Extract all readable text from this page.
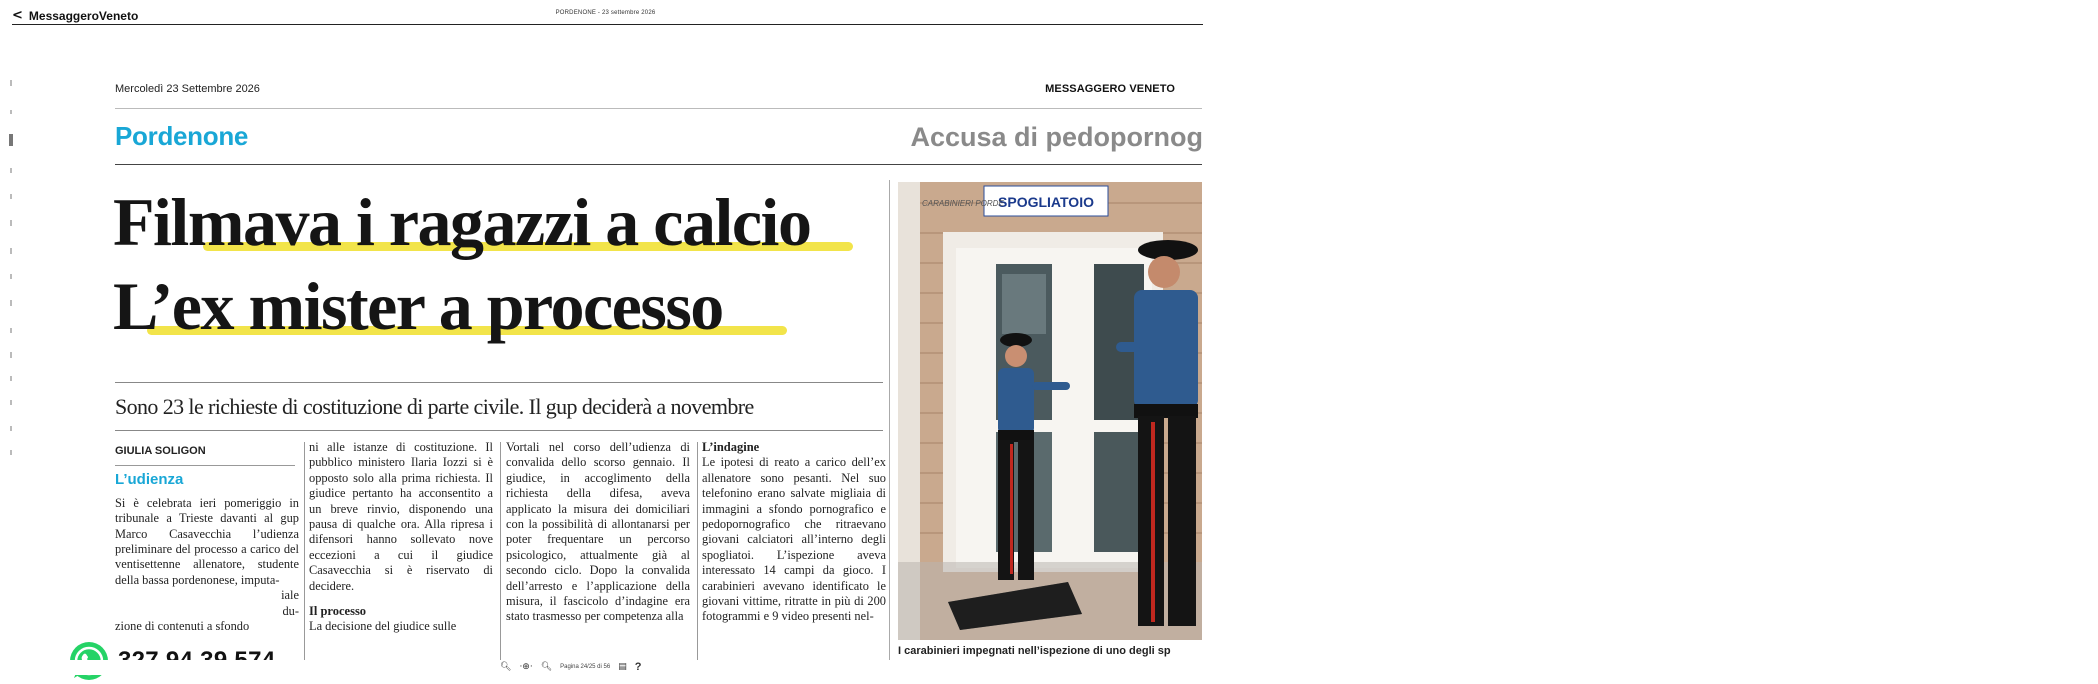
< MessaggeroVeneto	PORDENONE - 23 settembre 2026
Mercoledì 23 Settembre 2026	MESSAGGERO VENETO
Pordenone	Accusa di pedopornog
Filmava i ragazzi a calcio
L’ex mister a processo
Sono 23 le richieste di costituzione di parte civile. Il gup deciderà a novembre
GIULIA SOLIGON
L’udienza
Si è celebrata ieri pomeriggio in tribunale a Trieste davanti al gup Marco Casavecchia l’udienza preliminare del processo a carico del ventisettenne allenatore, studente della bassa pordenonese, imputa-
iale
du-
zione di contenuti a sfondo
ni alle istanze di costituzione. Il pubblico ministero Ilaria Iozzi si è opposto solo alla prima richiesta. Il giudice pertanto ha acconsentito a un breve rinvio, disponendo una pausa di qualche ora. Alla ripresa i difensori hanno sollevato nove eccezioni a cui il giudice Casavecchia si è riservato di decidere.
Il processo
La decisione del giudice sulle
Vortali nel corso dell’udienza di convalida dello scorso gennaio. Il giudice, in accoglimento della richiesta della difesa, aveva applicato la misura dei domiciliari con la possibilità di allontanarsi per poter frequentare un percorso psicologico, attualmente già al secondo ciclo. Dopo la convalida dell’arresto e l’applicazione della misura, il fascicolo d’indagine era stato trasmesso per competenza alla
L’indagine
Le ipotesi di reato a carico dell’ex allenatore sono pesanti. Nel suo telefonino erano salvate migliaia di immagini a sfondo pornografico e pedopornografico che ritraevano giovani calciatori all’interno degli spogliatoi. L’ispezione aveva interessato 14 campi da gioco. I carabinieri avevano identificato le giovani vittime, ritratte in più di 200 fotogrammi e 9 video presenti nel-
SPOGLIATOIO
CARABINIERI PORDE
›
I carabinieri impegnati nell’ispezione di uno degli sp
🔍︎ ·⊕· 🔍︎ Pagina 24/25 di 56 ▤ ?
